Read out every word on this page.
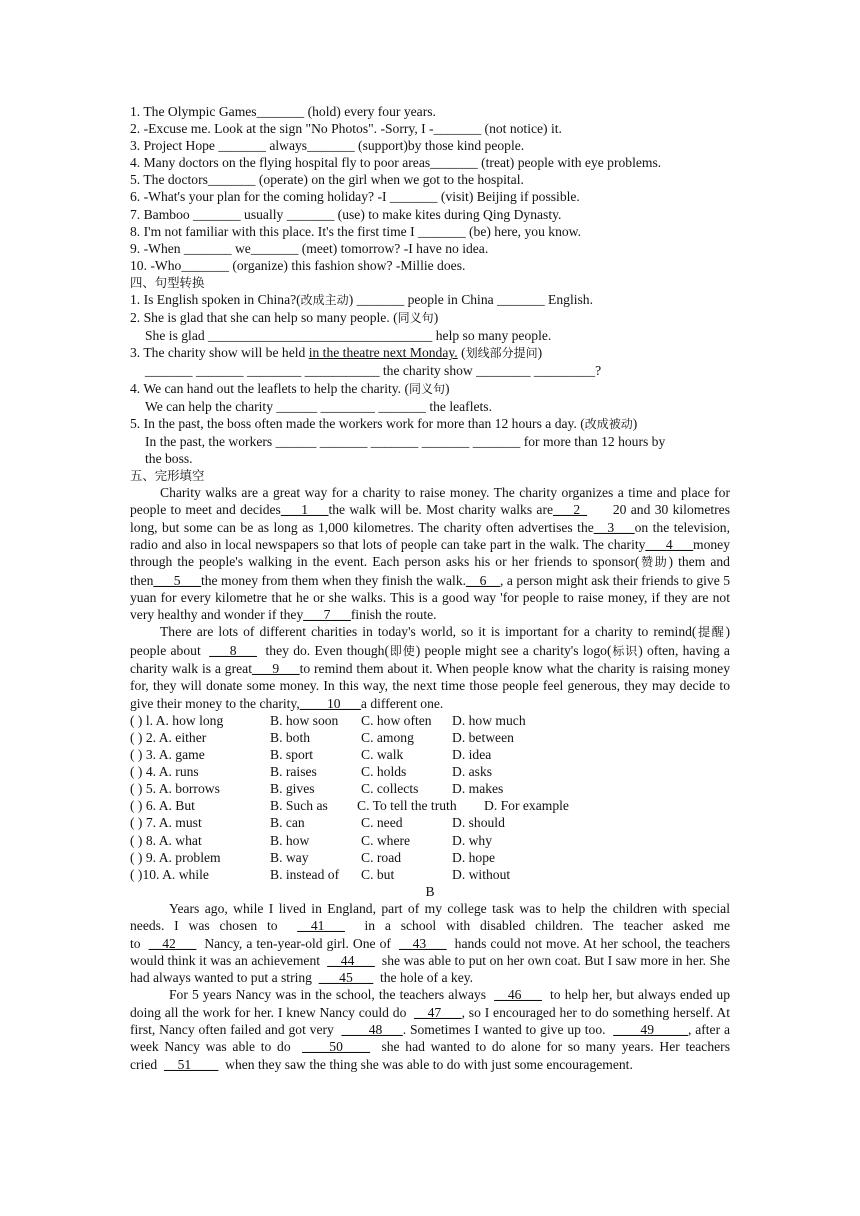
1. The Olympic Games_______ (hold) every four years.
2. -Excuse me. Look at the sign "No Photos". -Sorry, I -_______ (not notice) it.
3. Project Hope _______ always_______ (support)by those kind people.
4. Many doctors on the flying hospital fly to poor areas_______ (treat) people with eye problems.
5. The doctors_______ (operate) on the girl when we got to the hospital.
6. -What's your plan for the coming holiday? -I _______ (visit) Beijing if possible.
7. Bamboo _______ usually _______ (use) to make kites during Qing Dynasty.
8. I'm not familiar with this place. It's the first time I _______ (be) here, you know.
9. -When _______ we_______ (meet) tomorrow? -I have no idea.
10. -Who_______ (organize) this fashion show? -Millie does.
四、句型转换
1. Is English spoken in China?(改成主动) _______ people in China _______ English.
2. She is glad that she can help so many people. (同义句)
She is glad _________________________________ help so many people.
3. The charity show will be held in the theatre next Monday. (划线部分提问)
_______ _______ ________ ___________ the charity show ________ _________?
4. We can hand out the leaflets to help the charity. (同义句)
We can help the charity ______ ________ _______ the leaflets.
5. In the past, the boss often made the workers work for more than 12 hours a day. (改成被动)
In the past, the workers ______ _______ _______ _______ _______ for more than 12 hours by
the boss.
五、完形填空

Charity walks are a great way for a charity to raise money. The charity organizes a time and place for people to meet and decides___1___the walk will be. Most charity walks are___2_ 20 and 30 kilometres long, but some can be as long as 1,000 kilometres. The charity often advertises the__3___on the television, radio and also in local newspapers so that lots of people can take part in the walk. The charity___4___money through the people's walking in the event. Each person asks his or her friends to sponsor(赞助) them and then___5___the money from them when they finish the walk.__6__, a person might ask their friends to give 5 yuan for every kilometre that he or she walks. This is a good way 'for people to raise money, if they are not very healthy and wonder if they___7___finish the route.

There are lots of different charities in today's world, so it is important for a charity to remind(提醒) people about ___8___ they do. Even though(即使) people might see a charity's logo(标识) often, having a charity walk is a great___9___to remind them about it. When people know what the charity is raising money for, they will donate some money. In this way, the next time those people feel generous, they may decide to give their money to the charity,____10___a different one.

( ) l. A. how long	B. how soon	C. how often	D. how much
( ) 2. A. either	B. both	C. among	D. between
( ) 3. A. game	B. sport	C. walk	D. idea
( ) 4. A. runs	B. raises	C. holds	D. asks
( ) 5. A. borrows	B. gives	C. collects	D. makes
( ) 6. A. But	B. Such as	C. To tell the truth	D. For example
( ) 7. A. must	B. can	C. need	D. should
( ) 8. A. what	B. how	C. where	D. why
( ) 9. A. problem	B. way	C. road	D. hope
( )10. A. while	B. instead of	C. but	D. without
B

Years ago, while I lived in England, part of my college task was to help the children with special needs. I was chosen to __41___ in a school with disabled children. The teacher asked me to __42___ Nancy, a ten-year-old girl. One of __43___ hands could not move. At her school, the teachers would think it was an achievement __44___ she was able to put on her own coat. But I saw more in her. She had always wanted to put a string ___45___ the hole of a key.

For 5 years Nancy was in the school, the teachers always __46___ to help her, but always ended up doing all the work for her. I knew Nancy could do __47___, so I encouraged her to do something herself. At first, Nancy often failed and got very ____48___. Sometimes I wanted to give up too. ____49_____, after a week Nancy was able to do ____50____ she had wanted to do alone for so many years. Her teachers cried __51____ when they saw the thing she was able to do with just some encouragement.
